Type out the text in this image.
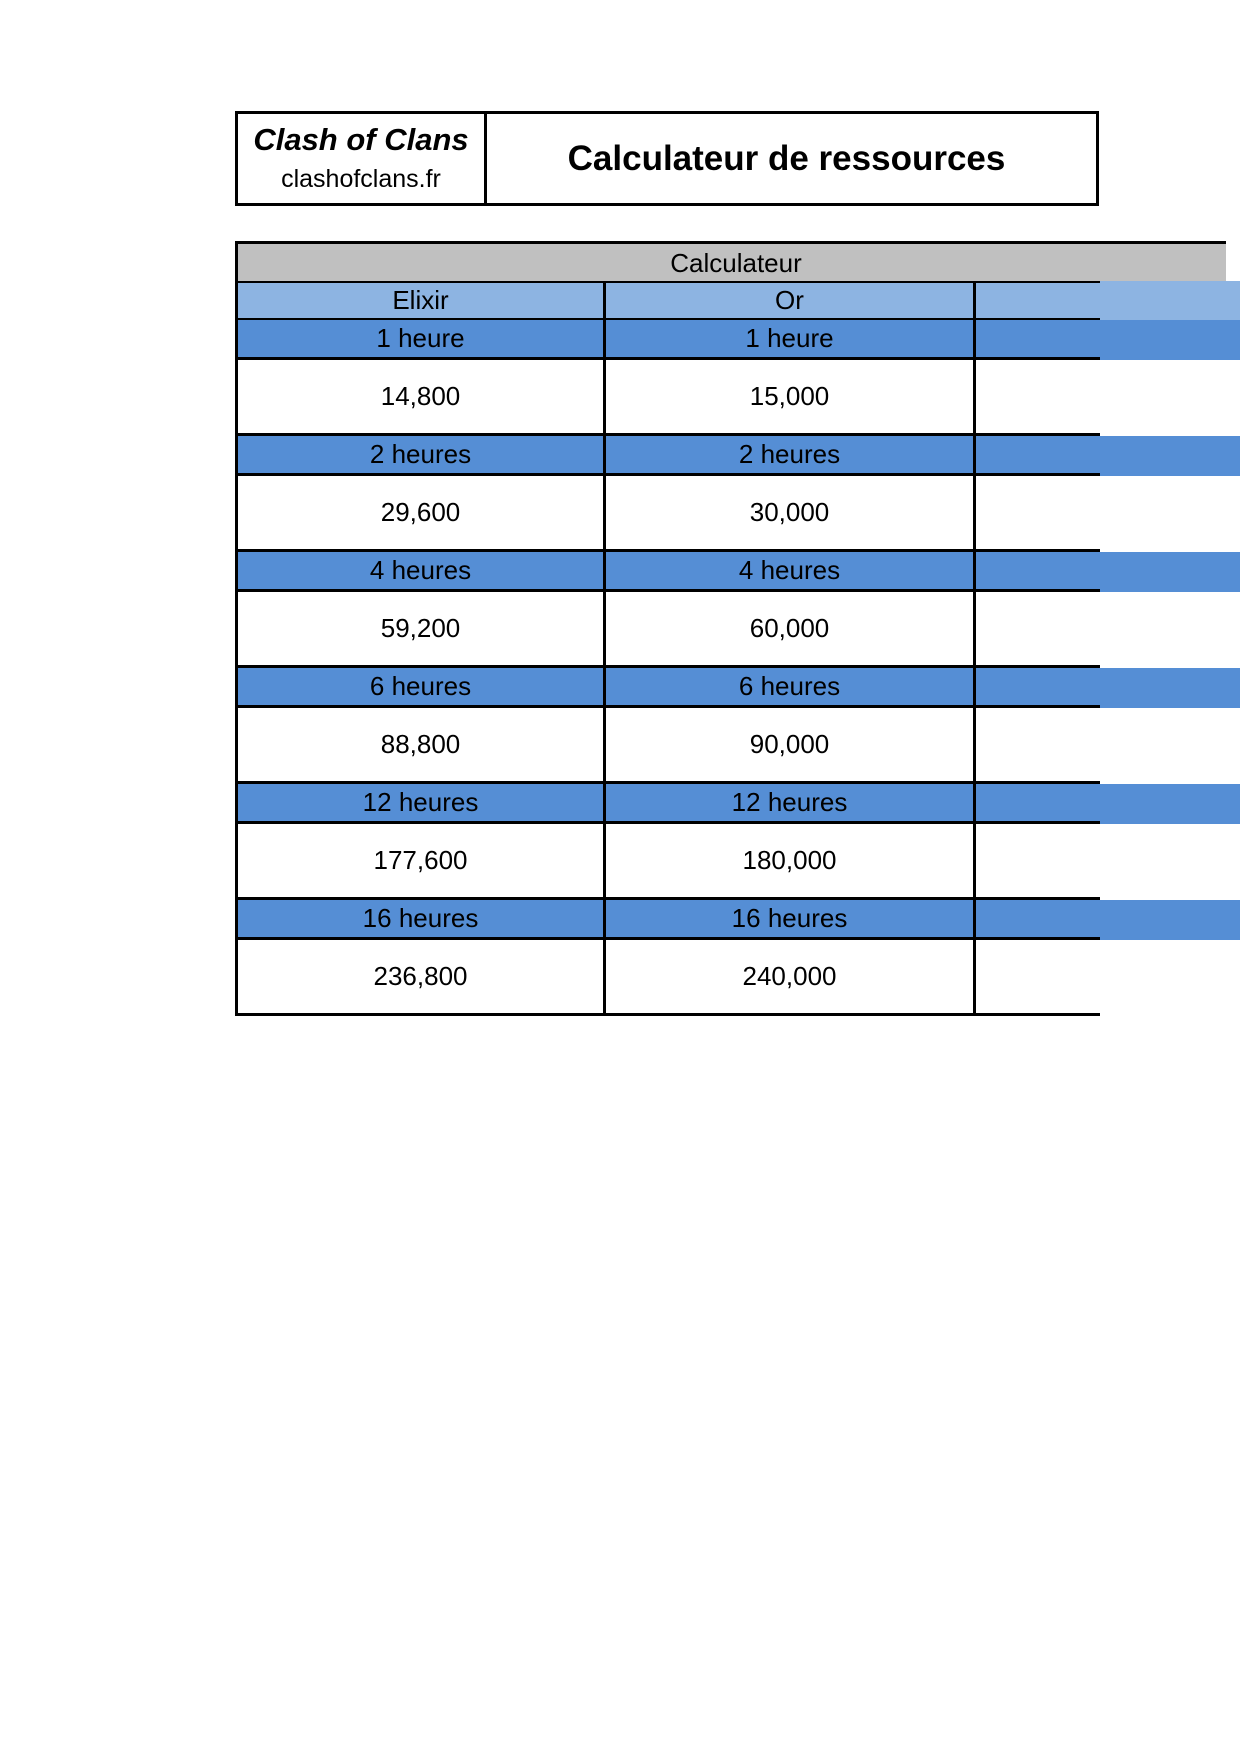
Clash of Clans
clashofclans.fr
Calculateur de ressources
Calculateur
Elixir	Or
1 heure	1 heure
14,800	15,000
2 heures	2 heures
29,600	30,000
4 heures	4 heures
59,200	60,000
6 heures	6 heures
88,800	90,000
12 heures	12 heures
177,600	180,000
16 heures	16 heures
236,800	240,000
